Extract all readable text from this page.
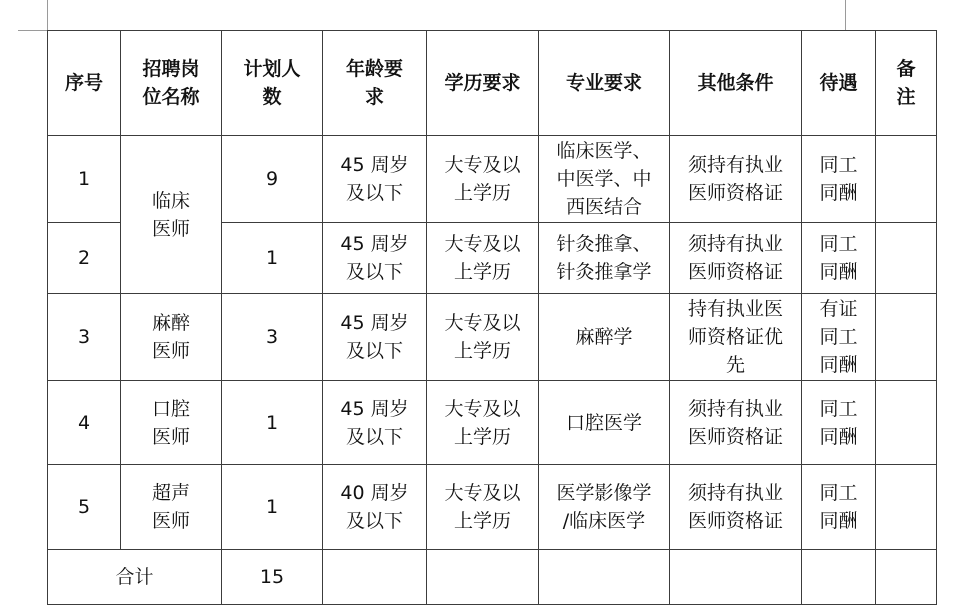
序号	招聘岗
位名称	计划人
数	年龄要
求	学历要求	专业要求	其他条件	待遇	备
注
1	临床
医师	9	45 周岁
及以下	大专及以
上学历	临床医学、
中医学、中
西医结合	须持有执业
医师资格证	同工
同酬	
2		1	45 周岁
及以下	大专及以
上学历	针灸推拿、
针灸推拿学	须持有执业
医师资格证	同工
同酬	
3	麻醉
医师	3	45 周岁
及以下	大专及以
上学历	麻醉学	持有执业医
师资格证优
先	有证
同工
同酬	
4	口腔
医师	1	45 周岁
及以下	大专及以
上学历	口腔医学	须持有执业
医师资格证	同工
同酬	
5	超声
医师	1	40 周岁
及以下	大专及以
上学历	医学影像学
/临床医学	须持有执业
医师资格证	同工
同酬	
合计		15						
